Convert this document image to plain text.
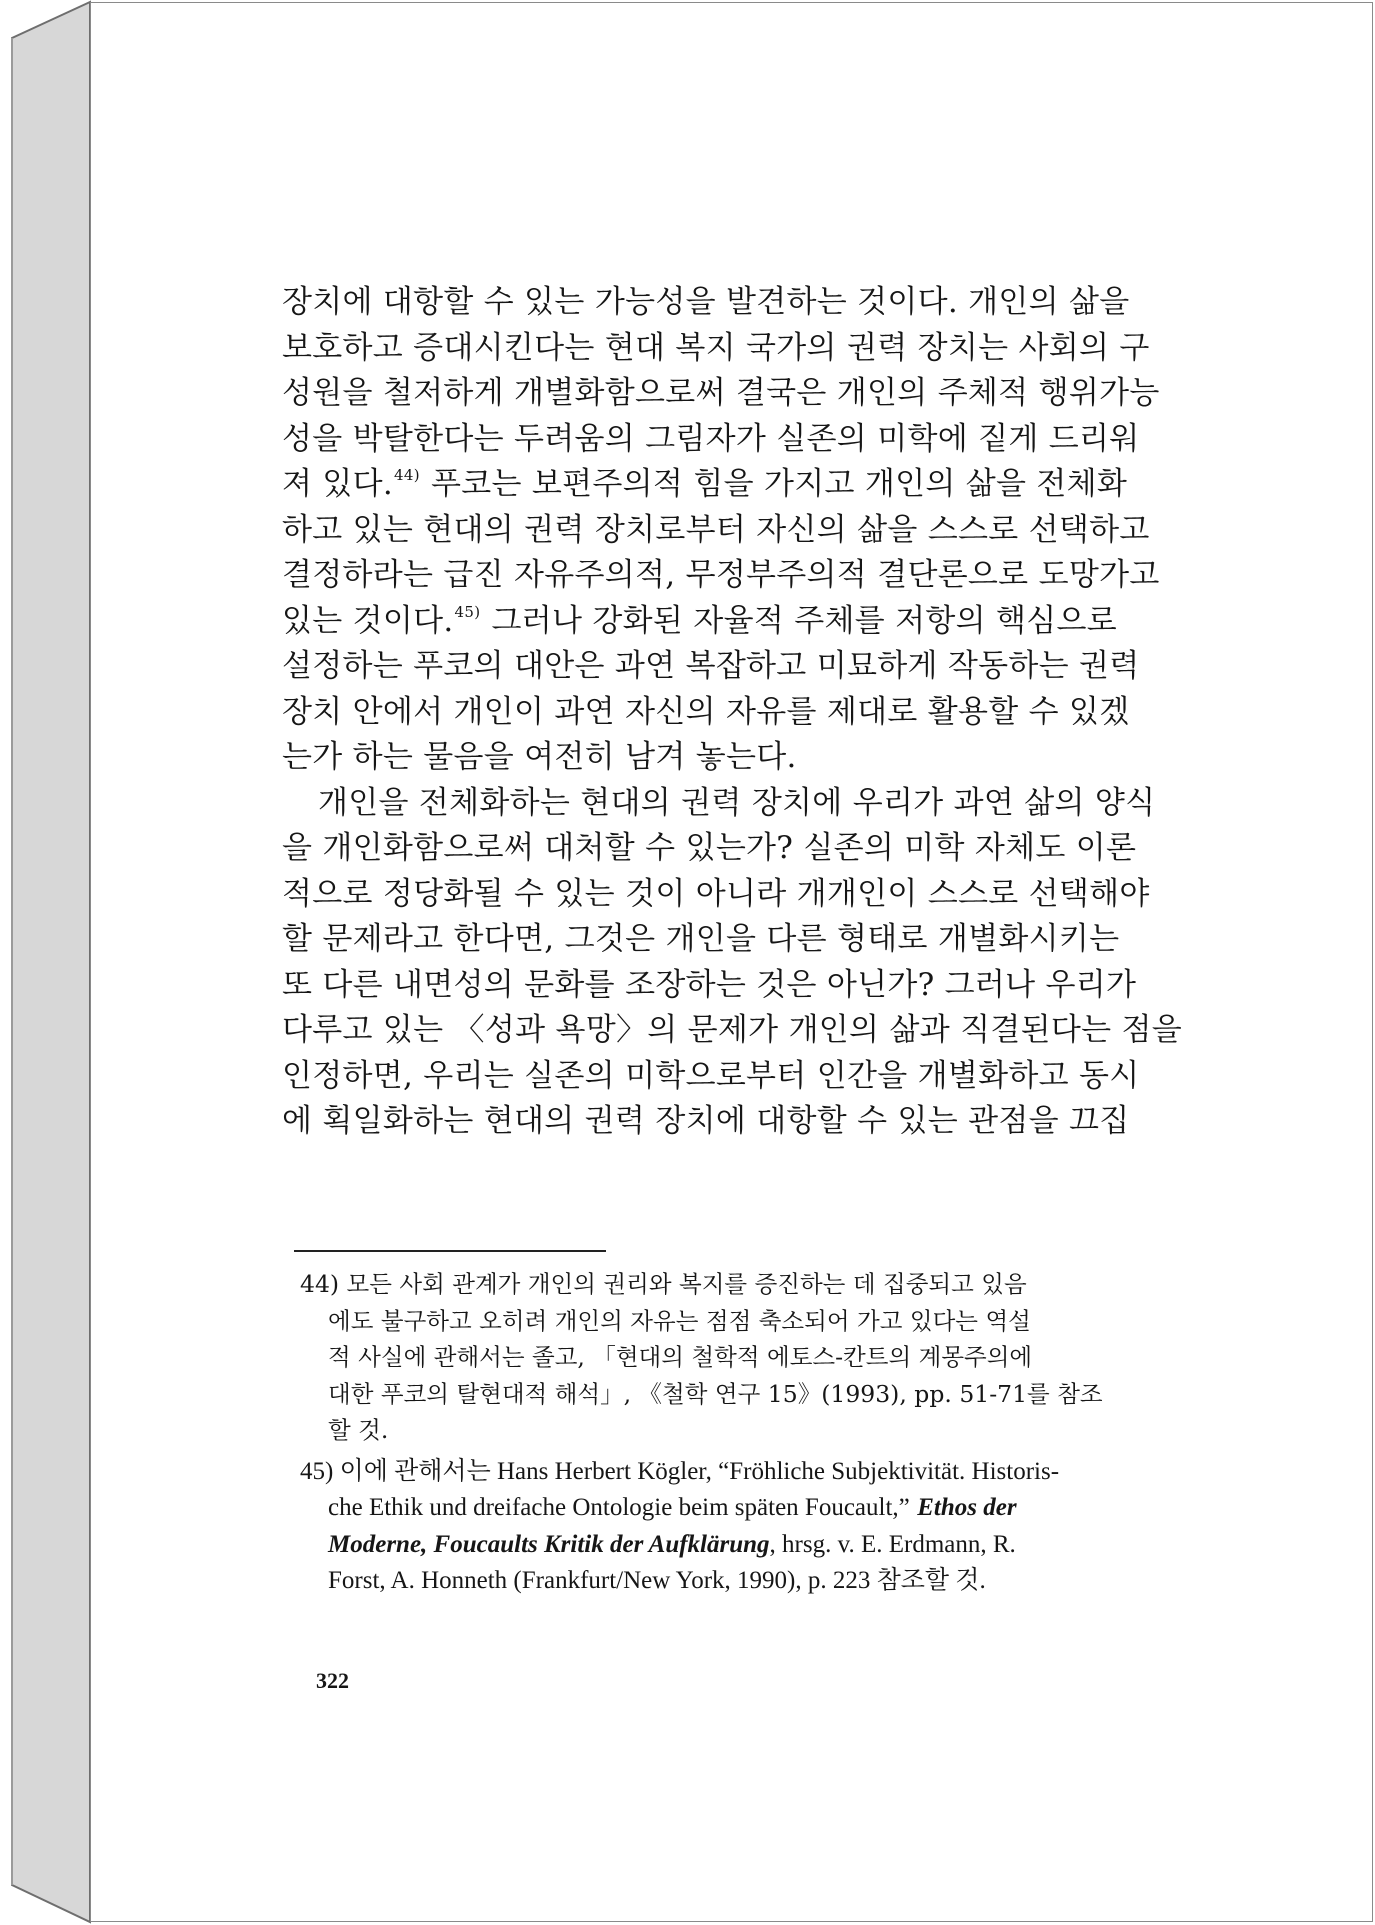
장치에 대항할 수 있는 가능성을 발견하는 것이다. 개인의 삶을
보호하고 증대시킨다는 현대 복지 국가의 권력 장치는 사회의 구
성원을 철저하게 개별화함으로써 결국은 개인의 주체적 행위가능
성을 박탈한다는 두려움의 그림자가 실존의 미학에 짙게 드리워
져 있다.$^{44)}$ 푸코는 보편주의적 힘을 가지고 개인의 삶을 전체화
하고 있는 현대의 권력 장치로부터 자신의 삶을 스스로 선택하고
결정하라는 급진 자유주의적, 무정부주의적 결단론으로 도망가고
있는 것이다.$^{45)}$ 그러나 강화된 자율적 주체를 저항의 핵심으로
설정하는 푸코의 대안은 과연 복잡하고 미묘하게 작동하는 권력
장치 안에서 개인이 과연 자신의 자유를 제대로 활용할 수 있겠
는가 하는 물음을 여전히 남겨 놓는다.
개인을 전체화하는 현대의 권력 장치에 우리가 과연 삶의 양식
을 개인화함으로써 대처할 수 있는가? 실존의 미학 자체도 이론
적으로 정당화될 수 있는 것이 아니라 개개인이 스스로 선택해야
할 문제라고 한다면, 그것은 개인을 다른 형태로 개별화시키는
또 다른 내면성의 문화를 조장하는 것은 아닌가? 그러나 우리가
다루고 있는 〈성과 욕망〉의 문제가 개인의 삶과 직결된다는 점을
인정하면, 우리는 실존의 미학으로부터 인간을 개별화하고 동시
에 획일화하는 현대의 권력 장치에 대항할 수 있는 관점을 끄집
44) 모든 사회 관계가 개인의 권리와 복지를 증진하는 데 집중되고 있음
에도 불구하고 오히려 개인의 자유는 점점 축소되어 가고 있다는 역설
적 사실에 관해서는 졸고, 「현대의 철학적 에토스-칸트의 계몽주의에
대한 푸코의 탈현대적 해석」, 《철학 연구 15》(1993), pp. 51-71를 참조
할 것.
45) 이에 관해서는 Hans Herbert Kögler, “Fröhliche Subjektivität. Historis-
che Ethik und dreifache Ontologie beim späten Foucault,” Ethos der
Moderne, Foucaults Kritik der Aufklärung, hrsg. v. E. Erdmann, R.
Forst, A. Honneth (Frankfurt/New York, 1990), p. 223 참조할 것.
322
